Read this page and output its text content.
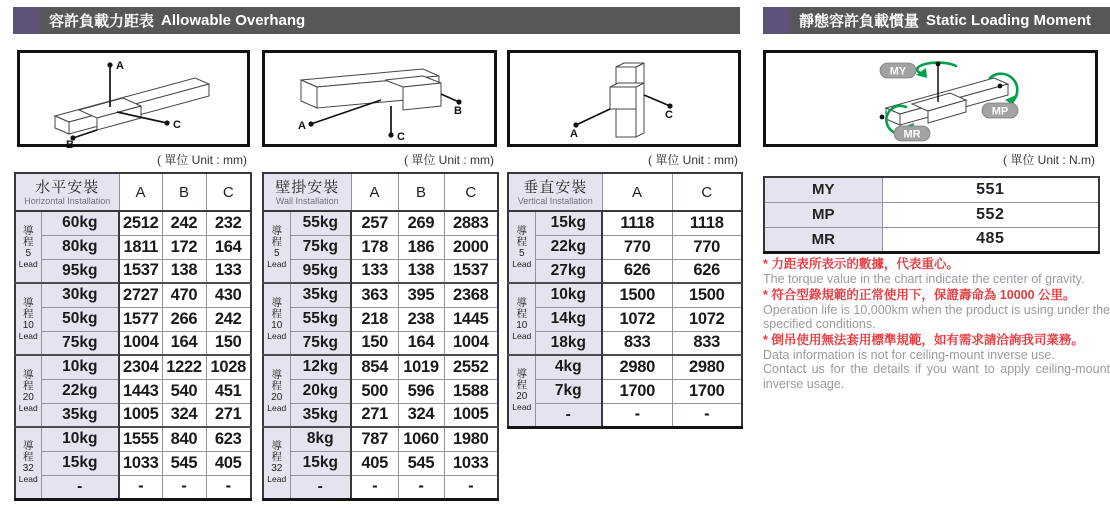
容許負載力距表 Allowable Overhang	靜態容許負載慣量 Static Loading Moment
A
C
B
A
C
B
A
C
MY
MP
MR
( 單位 Unit : mm)	( 單位 Unit : mm)	( 單位 Unit : mm)	( 單位 Unit : N.m)
水平安裝
Horizontal Installation		A	B	C

導
程
5
Lead	60kg	2512	242	232
	80kg	1811	172	164
	95kg	1537	138	133

導
程
10
Lead	30kg	2727	470	430
	50kg	1577	266	242
	75kg	1004	164	150

導
程
20
Lead	10kg	2304	1222	1028
	22kg	1443	540	451
	35kg	1005	324	271

導
程
32
Lead	10kg	1555	840	623
	15kg	1033	545	405
	-	-	-	-
壁掛安裝
Wall Installation		A	B	C

導
程
5
Lead	55kg	257	269	2883
	75kg	178	186	2000
	95kg	133	138	1537

導
程
10
Lead	35kg	363	395	2368
	55kg	218	238	1445
	75kg	150	164	1004

導
程
20
Lead	12kg	854	1019	2552
	20kg	500	596	1588
	35kg	271	324	1005

導
程
32
Lead	8kg	787	1060	1980
	15kg	405	545	1033
	-	-	-	-
垂直安裝
Vertical Installation		A	C

導
程
5
Lead	15kg	1118	1118
	22kg	770	770
	27kg	626	626

導
程
10
Lead	10kg	1500	1500
	14kg	1072	1072
	18kg	833	833

導
程
20
Lead	4kg	2980	2980
	7kg	1700	1700
	-	-	-
MY	551
MP	552
MR	485
* 力距表所表示的數據，代表重心。
The torque value in the chart indicate the center of gravity.
* 符合型錄規範的正常使用下，保證壽命為 10000 公里。
Operation life is 10,000km when the product is using under the specified conditions.
* 倒吊使用無法套用標準規範，如有需求請洽詢我司業務。
Data information is not for ceiling-mount inverse use.
Contact us for the details if you want to apply ceiling-mount inverse usage.
